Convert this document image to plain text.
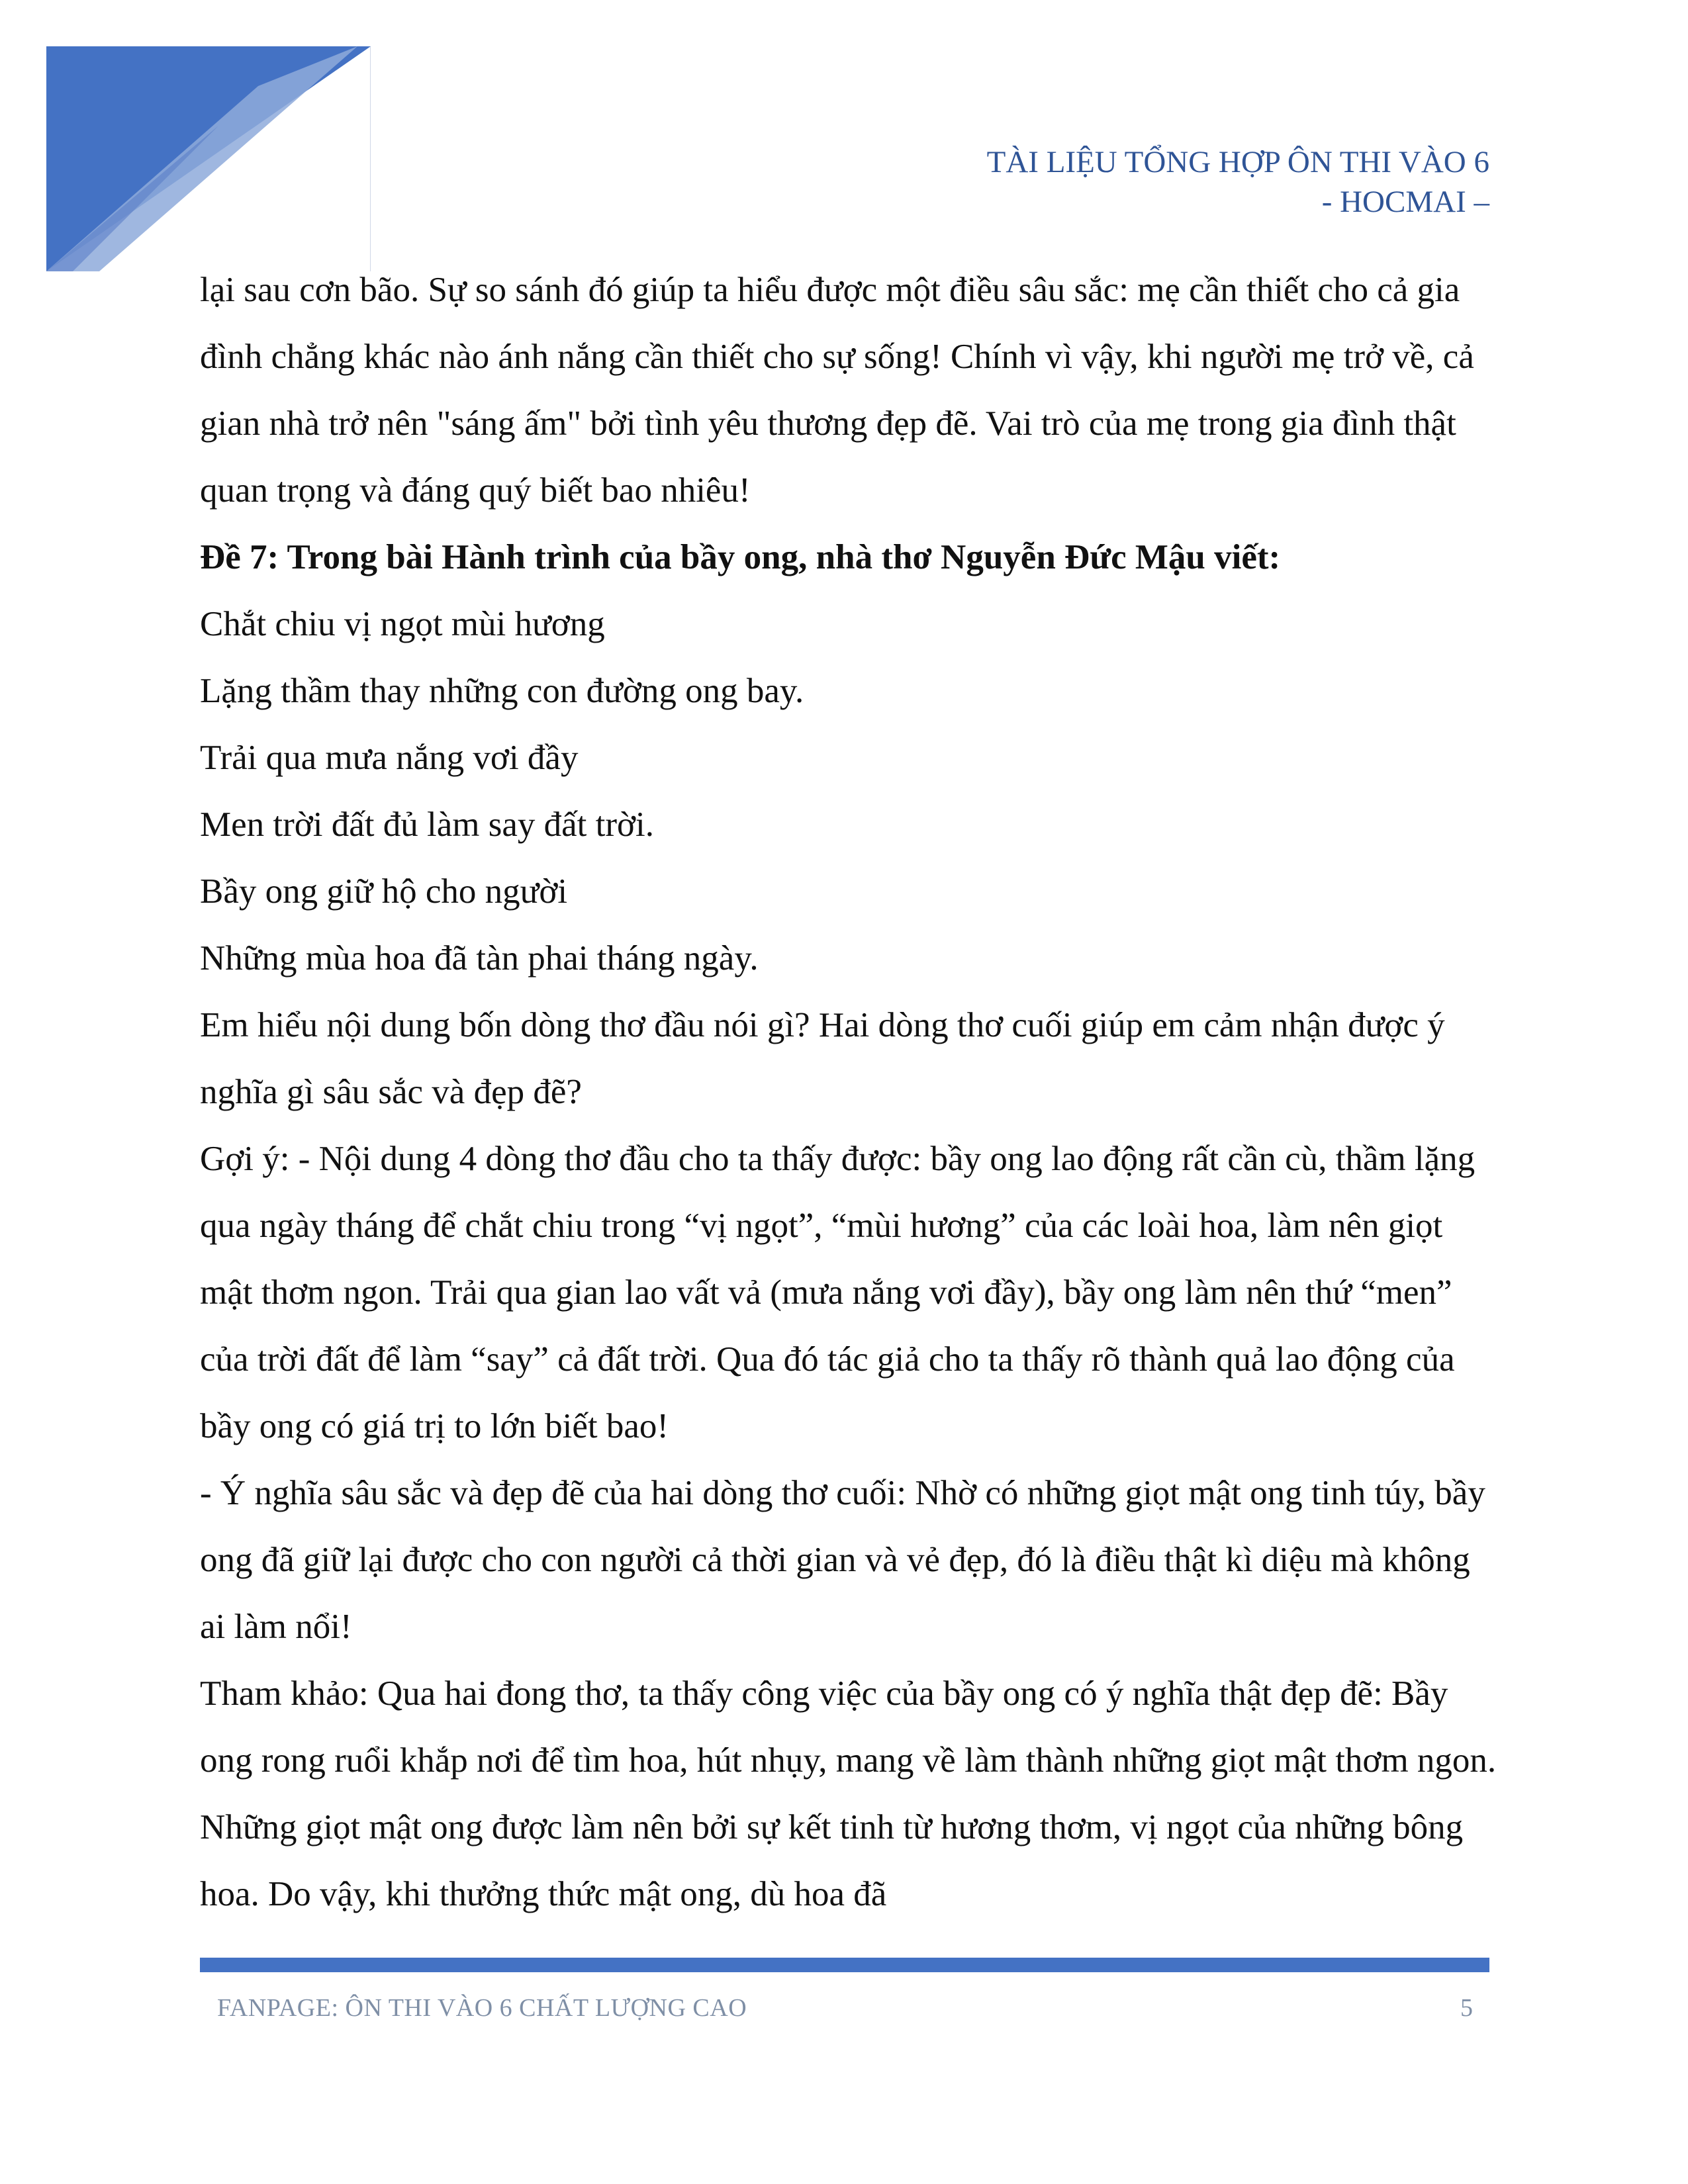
TÀI LIỆU TỔNG HỢP ÔN THI VÀO 6
- HOCMAI –

lại sau cơn bão. Sự so sánh đó giúp ta hiểu được một điều sâu sắc: mẹ cần thiết cho cả gia đình chẳng khác nào ánh nắng cần thiết cho sự sống! Chính vì vậy, khi người mẹ trở về, cả gian nhà trở nên "sáng ấm" bởi tình yêu thương đẹp đẽ. Vai trò của mẹ trong gia đình thật quan trọng và đáng quý biết bao nhiêu!

Đề 7: Trong bài Hành trình của bầy ong, nhà thơ Nguyễn Đức Mậu viết:

Chắt chiu vị ngọt mùi hương

Lặng thầm thay những con đường ong bay.

Trải qua mưa nắng vơi đầy

Men trời đất đủ làm say đất trời.

Bầy ong giữ hộ cho người

Những mùa hoa đã tàn phai tháng ngày.

Em hiểu nội dung bốn dòng thơ đầu nói gì? Hai dòng thơ cuối giúp em cảm nhận được ý nghĩa gì sâu sắc và đẹp đẽ?

Gợi ý: - Nội dung 4 dòng thơ đầu cho ta thấy được: bầy ong lao động rất cần cù, thầm lặng qua ngày tháng để chắt chiu trong “vị ngọt”, “mùi hương” của các loài hoa, làm nên giọt mật thơm ngon. Trải qua gian lao vất vả (mưa nắng vơi đầy), bầy ong làm nên thứ “men” của trời đất để làm “say” cả đất trời. Qua đó tác giả cho ta thấy rõ thành quả lao động của bầy ong có giá trị to lớn biết bao!

- Ý nghĩa sâu sắc và đẹp đẽ của hai dòng thơ cuối: Nhờ có những giọt mật ong tinh túy, bầy ong đã giữ lại được cho con người cả thời gian và vẻ đẹp, đó là điều thật kì diệu mà không ai làm nổi!

Tham khảo: Qua hai đong thơ, ta thấy công việc của bầy ong có ý nghĩa thật đẹp đẽ: Bầy ong rong ruổi khắp nơi để tìm hoa, hút nhụy, mang về làm thành những giọt mật thơm ngon. Những giọt mật ong được làm nên bởi sự kết tinh từ hương thơm, vị ngọt của những bông hoa. Do vậy, khi thưởng thức mật ong, dù hoa đã

FANPAGE: ÔN THI VÀO 6 CHẤT LƯỢNG CAO	5
